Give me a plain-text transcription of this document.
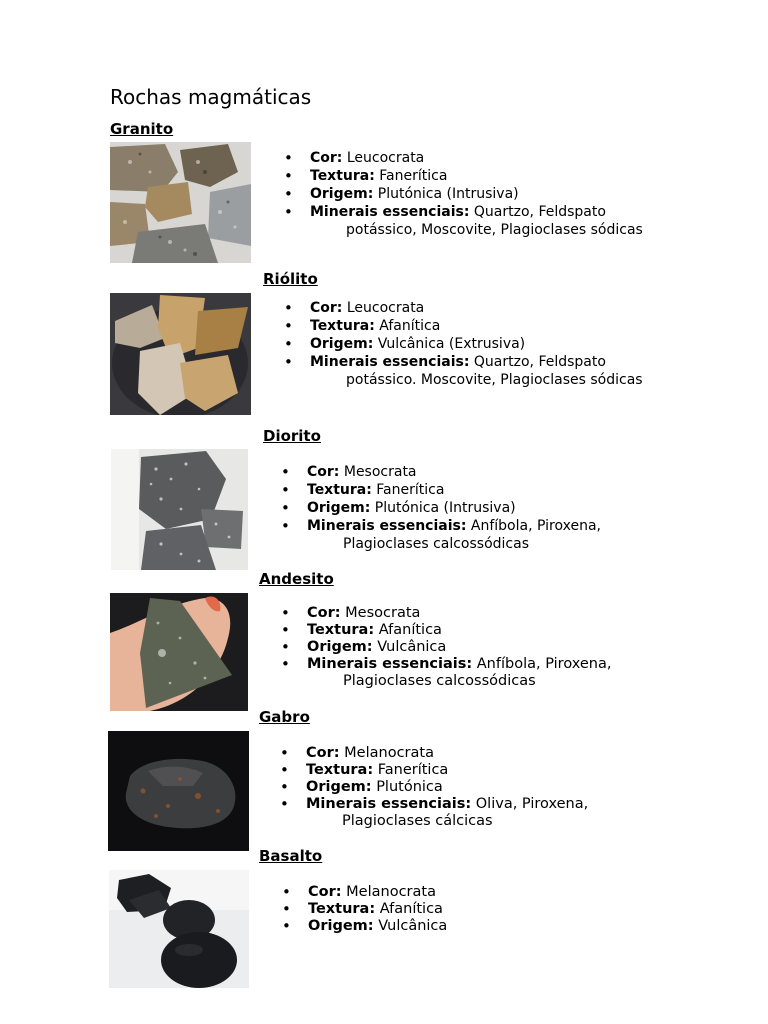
Rochas magmáticas
Granito
• Cor: Leucocrata
• Textura: Fanerítica
• Origem: Plutónica (Intrusiva)
• Minerais essenciais: Quartzo, Feldspato
potássico, Moscovite, Plagioclases sódicas
Riólito
• Cor: Leucocrata
• Textura: Afanítica
• Origem: Vulcânica (Extrusiva)
• Minerais essenciais: Quartzo, Feldspato
potássico. Moscovite, Plagioclases sódicas
Diorito
• Cor: Mesocrata
• Textura: Fanerítica
• Origem: Plutónica (Intrusiva)
• Minerais essenciais: Anfíbola, Piroxena,
Plagioclases calcossódicas
Andesito
• Cor: Mesocrata
• Textura: Afanítica
• Origem: Vulcânica
• Minerais essenciais: Anfíbola, Piroxena,
Plagioclases calcossódicas
Gabro
• Cor: Melanocrata
• Textura: Fanerítica
• Origem: Plutónica
• Minerais essenciais: Oliva, Piroxena,
Plagioclases cálcicas
Basalto
• Cor: Melanocrata
• Textura: Afanítica
• Origem: Vulcânica
